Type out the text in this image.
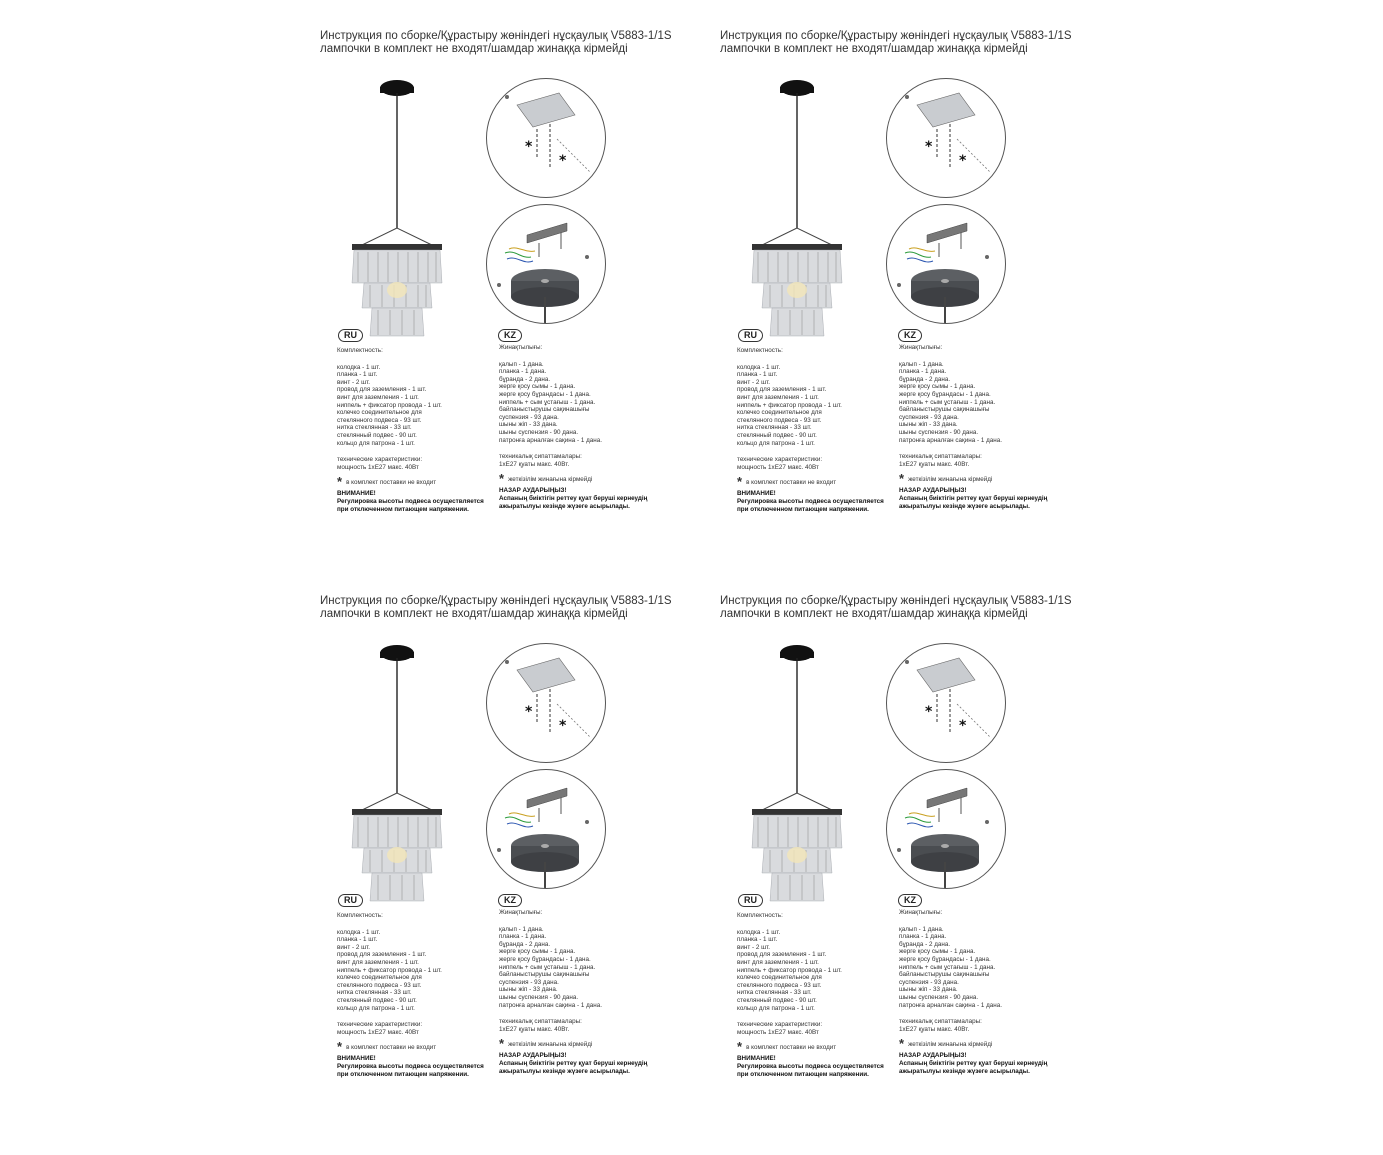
Инструкция по сборке/Құрастыру жөніндегі нұсқаулық V5883-1/1S
лампочки в комплект не входят/шамдар жинаққа кірмейді
*
*
RU
Комплектность:
колодка - 1 шт.
планка - 1 шт.
винт - 2 шт.
провод для заземления - 1 шт.
винт для заземления - 1 шт.
ниппель + фиксатор провода - 1 шт.
колечко соединительное для
стеклянного подвеса - 93 шт.
нитка стеклянная - 33 шт.
стеклянный подвес - 90 шт.
кольцо для патрона - 1 шт.
технические характеристики:
мощность 1хЕ27 макс. 40Вт
* в комплект поставки не входит
ВНИМАНИЕ!
Регулировка высоты подвеса осуществляется
при отключенном питающем напряжении.
KZ
Жинақтылығы:
қалып - 1 дана.
планка - 1 дана.
бұранда - 2 дана.
жерге қосу сымы - 1 дана.
жерге қосу бұрандасы - 1 дана.
ниппель + сым ұстағыш - 1 дана.
байланыстырушы сақинашығы
суспензия - 93 дана.
шыны жіп - 33 дана.
шыны суспензия - 90 дана.
патронға арналған сақина - 1 дана.
техникалық сипаттамалары:
1хЕ27 қуаты макс. 40Вт.
* жеткізілім жинағына кірмейді
НАЗАР АУДАРЫҢЫЗ!
Аспаның биіктігін реттеу қуат беруші кернеудің
ажыратылуы кезінде жүзеге асырылады.
Инструкция по сборке/Құрастыру жөніндегі нұсқаулық V5883-1/1S
лампочки в комплект не входят/шамдар жинаққа кірмейді
*
*
RU
Комплектность:
колодка - 1 шт.
планка - 1 шт.
винт - 2 шт.
провод для заземления - 1 шт.
винт для заземления - 1 шт.
ниппель + фиксатор провода - 1 шт.
колечко соединительное для
стеклянного подвеса - 93 шт.
нитка стеклянная - 33 шт.
стеклянный подвес - 90 шт.
кольцо для патрона - 1 шт.
технические характеристики:
мощность 1хЕ27 макс. 40Вт
* в комплект поставки не входит
ВНИМАНИЕ!
Регулировка высоты подвеса осуществляется
при отключенном питающем напряжении.
KZ
Жинақтылығы:
қалып - 1 дана.
планка - 1 дана.
бұранда - 2 дана.
жерге қосу сымы - 1 дана.
жерге қосу бұрандасы - 1 дана.
ниппель + сым ұстағыш - 1 дана.
байланыстырушы сақинашығы
суспензия - 93 дана.
шыны жіп - 33 дана.
шыны суспензия - 90 дана.
патронға арналған сақина - 1 дана.
техникалық сипаттамалары:
1хЕ27 қуаты макс. 40Вт.
* жеткізілім жинағына кірмейді
НАЗАР АУДАРЫҢЫЗ!
Аспаның биіктігін реттеу қуат беруші кернеудің
ажыратылуы кезінде жүзеге асырылады.
Инструкция по сборке/Құрастыру жөніндегі нұсқаулық V5883-1/1S
лампочки в комплект не входят/шамдар жинаққа кірмейді
*
*
RU
Комплектность:
колодка - 1 шт.
планка - 1 шт.
винт - 2 шт.
провод для заземления - 1 шт.
винт для заземления - 1 шт.
ниппель + фиксатор провода - 1 шт.
колечко соединительное для
стеклянного подвеса - 93 шт.
нитка стеклянная - 33 шт.
стеклянный подвес - 90 шт.
кольцо для патрона - 1 шт.
технические характеристики:
мощность 1хЕ27 макс. 40Вт
* в комплект поставки не входит
ВНИМАНИЕ!
Регулировка высоты подвеса осуществляется
при отключенном питающем напряжении.
KZ
Жинақтылығы:
қалып - 1 дана.
планка - 1 дана.
бұранда - 2 дана.
жерге қосу сымы - 1 дана.
жерге қосу бұрандасы - 1 дана.
ниппель + сым ұстағыш - 1 дана.
байланыстырушы сақинашығы
суспензия - 93 дана.
шыны жіп - 33 дана.
шыны суспензия - 90 дана.
патронға арналған сақина - 1 дана.
техникалық сипаттамалары:
1хЕ27 қуаты макс. 40Вт.
* жеткізілім жинағына кірмейді
НАЗАР АУДАРЫҢЫЗ!
Аспаның биіктігін реттеу қуат беруші кернеудің
ажыратылуы кезінде жүзеге асырылады.
Инструкция по сборке/Құрастыру жөніндегі нұсқаулық V5883-1/1S
лампочки в комплект не входят/шамдар жинаққа кірмейді
*
*
RU
Комплектность:
колодка - 1 шт.
планка - 1 шт.
винт - 2 шт.
провод для заземления - 1 шт.
винт для заземления - 1 шт.
ниппель + фиксатор провода - 1 шт.
колечко соединительное для
стеклянного подвеса - 93 шт.
нитка стеклянная - 33 шт.
стеклянный подвес - 90 шт.
кольцо для патрона - 1 шт.
технические характеристики:
мощность 1хЕ27 макс. 40Вт
* в комплект поставки не входит
ВНИМАНИЕ!
Регулировка высоты подвеса осуществляется
при отключенном питающем напряжении.
KZ
Жинақтылығы:
қалып - 1 дана.
планка - 1 дана.
бұранда - 2 дана.
жерге қосу сымы - 1 дана.
жерге қосу бұрандасы - 1 дана.
ниппель + сым ұстағыш - 1 дана.
байланыстырушы сақинашығы
суспензия - 93 дана.
шыны жіп - 33 дана.
шыны суспензия - 90 дана.
патронға арналған сақина - 1 дана.
техникалық сипаттамалары:
1хЕ27 қуаты макс. 40Вт.
* жеткізілім жинағына кірмейді
НАЗАР АУДАРЫҢЫЗ!
Аспаның биіктігін реттеу қуат беруші кернеудің
ажыратылуы кезінде жүзеге асырылады.
